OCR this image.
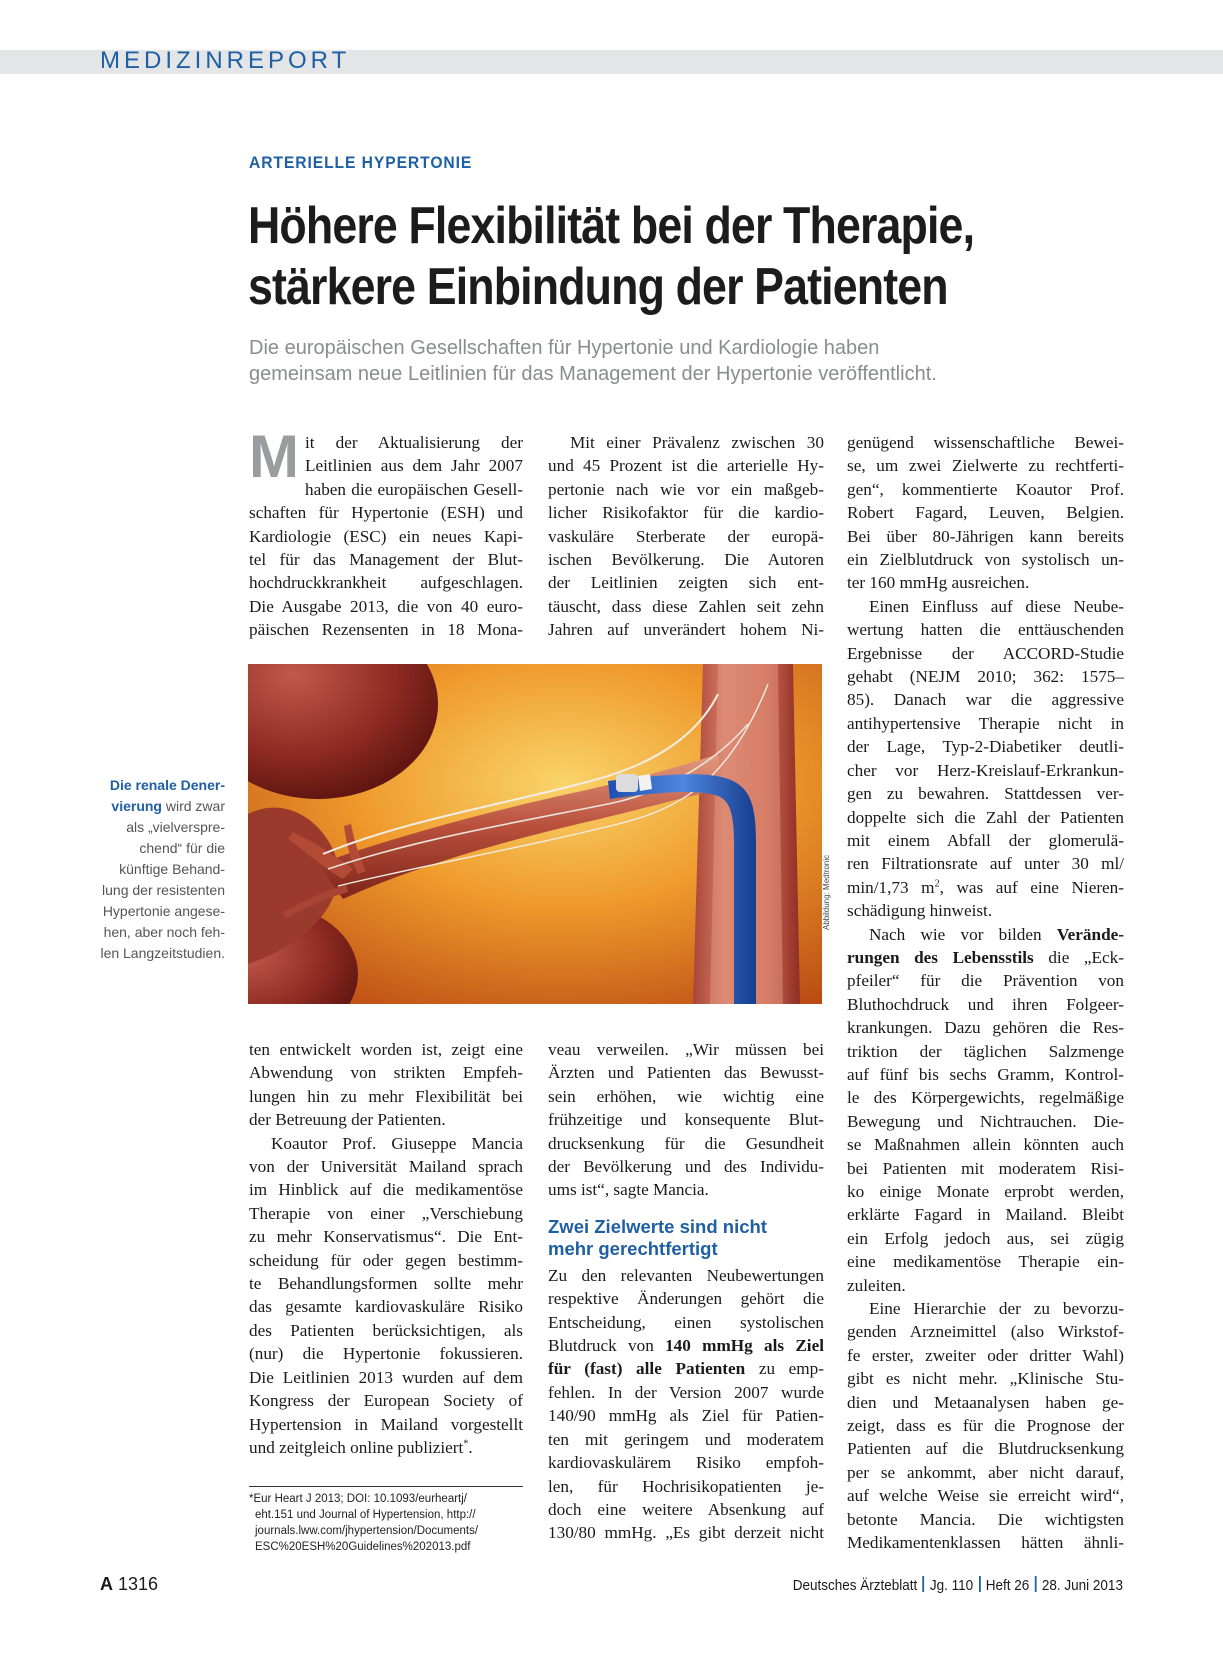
MEDIZINREPORT
ARTERIELLE HYPERTONIE
Höhere Flexibilität bei der Therapie,
stärkere Einbindung der Patienten
Die europäischen Gesellschaften für Hypertonie und Kardiologie haben
gemeinsam neue Leitlinien für das Management der Hypertonie veröffentlicht.
M it der Aktualisierung der
Leitlinien aus dem Jahr 2007
haben die europäischen Gesell-
schaften für Hypertonie (ESH) und
Kardiologie (ESC) ein neues Kapi-
tel für das Management der Blut-
hochdruckkrankheit aufgeschlagen.
Die Ausgabe 2013, die von 40 euro-
päischen Rezensenten in 18 Mona-
Mit einer Prävalenz zwischen 30
und 45 Prozent ist die arterielle Hy-
pertonie nach wie vor ein maßgeb-
licher Risikofaktor für die kardio-
vaskuläre Sterberate der europä-
ischen Bevölkerung. Die Autoren
der Leitlinien zeigten sich ent-
täuscht, dass diese Zahlen seit zehn
Jahren auf unverändert hohem Ni-
Abbildung: Medtronic
Die renale Dener-
vierung wird zwar
als „vielverspre-
chend“ für die
künftige Behand-
lung der resistenten
Hypertonie angese-
hen, aber noch feh-
len Langzeitstudien.
ten entwickelt worden ist, zeigt eine
Abwendung von strikten Empfeh-
lungen hin zu mehr Flexibilität bei
der Betreuung der Patienten.
Koautor Prof. Giuseppe Mancia
von der Universität Mailand sprach
im Hinblick auf die medikamentöse
Therapie von einer „Verschiebung
zu mehr Konservatismus“. Die Ent-
scheidung für oder gegen bestimm-
te Behandlungsformen sollte mehr
das gesamte kardiovaskuläre Risiko
des Patienten berücksichtigen, als
(nur) die Hypertonie fokussieren.
Die Leitlinien 2013 wurden auf dem
Kongress der European Society of
Hypertension in Mailand vorgestellt
und zeitgleich online publiziert*.
veau verweilen. „Wir müssen bei
Ärzten und Patienten das Bewusst-
sein erhöhen, wie wichtig eine
frühzeitige und konsequente Blut-
drucksenkung für die Gesundheit
der Bevölkerung und des Individu-
ums ist“, sagte Mancia.
Zwei Zielwerte sind nicht
mehr gerechtfertigt
Zu den relevanten Neubewertungen
respektive Änderungen gehört die
Entscheidung, einen systolischen
Blutdruck von 140 mmHg als Ziel
für (fast) alle Patienten zu emp-
fehlen. In der Version 2007 wurde
140/90 mmHg als Ziel für Patien-
ten mit geringem und moderatem
kardiovaskulärem Risiko empfoh-
len, für Hochrisikopatienten je-
doch eine weitere Absenkung auf
130/80 mmHg. „Es gibt derzeit nicht
genügend wissenschaftliche Bewei-
se, um zwei Zielwerte zu rechtferti-
gen“, kommentierte Koautor Prof.
Robert Fagard, Leuven, Belgien.
Bei über 80-Jährigen kann bereits
ein Zielblutdruck von systolisch un-
ter 160 mmHg ausreichen.
Einen Einfluss auf diese Neube-
wertung hatten die enttäuschenden
Ergebnisse der ACCORD-Studie
gehabt (NEJM 2010; 362: 1575–
85). Danach war die aggressive
antihypertensive Therapie nicht in
der Lage, Typ-2-Diabetiker deutli-
cher vor Herz-Kreislauf-Erkrankun-
gen zu bewahren. Stattdessen ver-
doppelte sich die Zahl der Patienten
mit einem Abfall der glomerulä-
ren Filtrationsrate auf unter 30 ml/
min/1,73 $m^2$, was auf eine Nieren-
schädigung hinweist.
Nach wie vor bilden Verände-
rungen des Lebensstils die „Eck-
pfeiler“ für die Prävention von
Bluthochdruck und ihren Folgeer-
krankungen. Dazu gehören die Res-
triktion der täglichen Salzmenge
auf fünf bis sechs Gramm, Kontrol-
le des Körpergewichts, regelmäßige
Bewegung und Nichtrauchen. Die-
se Maßnahmen allein könnten auch
bei Patienten mit moderatem Risi-
ko einige Monate erprobt werden,
erklärte Fagard in Mailand. Bleibt
ein Erfolg jedoch aus, sei zügig
eine medikamentöse Therapie ein-
zuleiten.
Eine Hierarchie der zu bevorzu-
genden Arzneimittel (also Wirkstof-
fe erster, zweiter oder dritter Wahl)
gibt es nicht mehr. „Klinische Stu-
dien und Metaanalysen haben ge-
zeigt, dass es für die Prognose der
Patienten auf die Blutdrucksenkung
per se ankommt, aber nicht darauf,
auf welche Weise sie erreicht wird“,
betonte Mancia. Die wichtigsten
Medikamentenklassen hätten ähnli-
*Eur Heart J 2013; DOI: 10.1093/eurheartj/
eht.151 und Journal of Hypertension, http://
journals.lww.com/jhypertension/Documents/
ESC%20ESH%20Guidelines%202013.pdf
A 1316	Deutsches Ärzteblatt Jg. 110 Heft 26 28. Juni 2013
